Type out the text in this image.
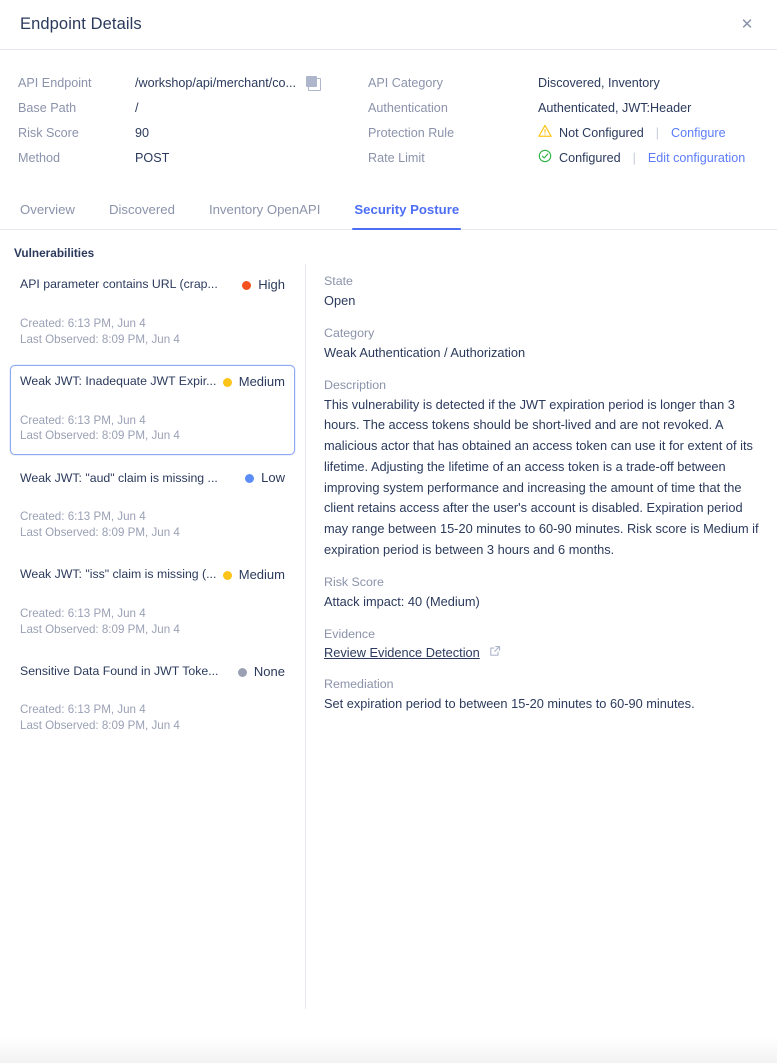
Endpoint Details	✕
API Endpoint	/workshop/api/merchant/co...
Base Path	/
Risk Score	90
Method	POST
API Category	Discovered, Inventory
Authentication	Authenticated, JWT:Header
Protection Rule	Not Configured | Configure
Rate Limit	Configured | Edit configuration
Overview	Discovered	Inventory OpenAPI	Security Posture
Vulnerabilities
API parameter contains URL (crap...	High
Created: 6:13 PM, Jun 4
Last Observed: 8:09 PM, Jun 4
Weak JWT: Inadequate JWT Expir...	Medium
Created: 6:13 PM, Jun 4
Last Observed: 8:09 PM, Jun 4
Weak JWT: "aud" claim is missing ...	Low
Created: 6:13 PM, Jun 4
Last Observed: 8:09 PM, Jun 4
Weak JWT: "iss" claim is missing (...	Medium
Created: 6:13 PM, Jun 4
Last Observed: 8:09 PM, Jun 4
Sensitive Data Found in JWT Toke...	None
Created: 6:13 PM, Jun 4
Last Observed: 8:09 PM, Jun 4
State
Open
Category
Weak Authentication / Authorization
Description
This vulnerability is detected if the JWT expiration period is longer than 3 hours. The access tokens should be short-lived and are not revoked. A malicious actor that has obtained an access token can use it for extent of its lifetime. Adjusting the lifetime of an access token is a trade-off between improving system performance and increasing the amount of time that the client retains access after the user's account is disabled. Expiration period may range between 15-20 minutes to 60-90 minutes. Risk score is Medium if expiration period is between 3 hours and 6 months.
Risk Score
Attack impact: 40 (Medium)
Evidence
Review Evidence Detection
Remediation
Set expiration period to between 15-20 minutes to 60-90 minutes.
